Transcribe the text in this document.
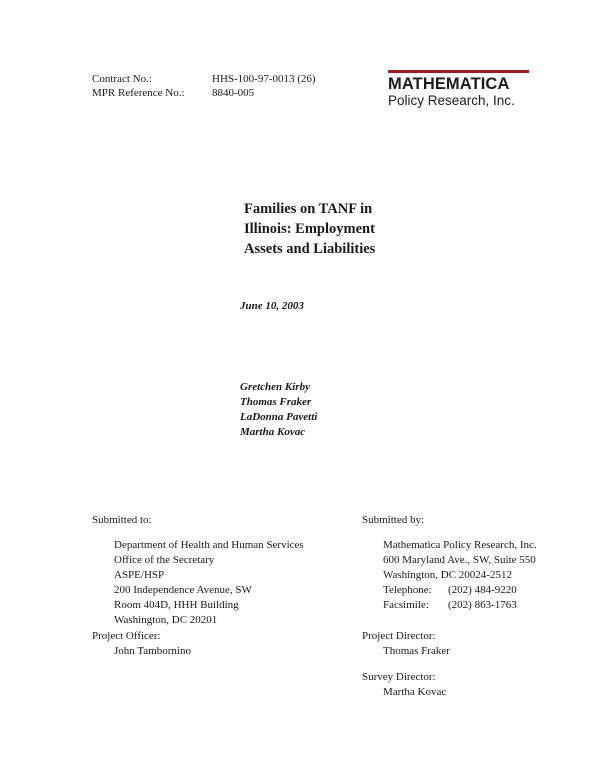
Contract No.:	HHS-100-97-0013 (26)
MPR Reference No.: 8840-005	MATHEMATICA
Policy Research, Inc.
Families on TANF in
Illinois: Employment
Assets and Liabilities
June 10, 2003
Gretchen Kirby
Thomas Fraker
LaDonna Pavetti
Martha Kovac
Submitted to:
Department of Health and Human Services
Office of the Secretary
ASPE/HSP
200 Independence Avenue, SW
Room 404D, HHH Building
Washington, DC 20201
Submitted by:
Mathematica Policy Research, Inc.
600 Maryland Ave., SW, Suite 550
Washington, DC 20024-2512
Telephone: (202) 484-9220
Facsimile: (202) 863-1763
Project Officer:
John Tambornino
Project Director:
Thomas Fraker
Survey Director:
Martha Kovac
